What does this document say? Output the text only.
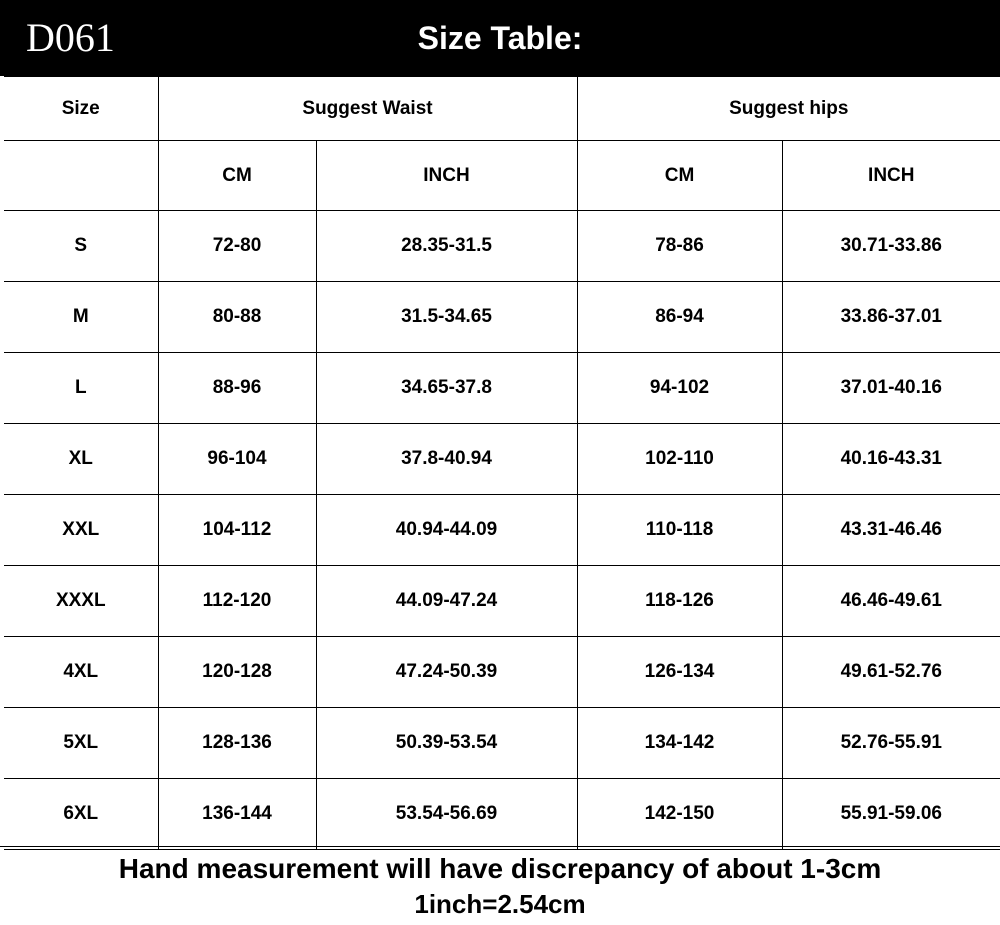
D061	Size Table:
Size	Suggest Waist		Suggest hips	
	CM	INCH	CM	INCH
S	72-80	28.35-31.5	78-86	30.71-33.86
M	80-88	31.5-34.65	86-94	33.86-37.01
L	88-96	34.65-37.8	94-102	37.01-40.16
XL	96-104	37.8-40.94	102-110	40.16-43.31
XXL	104-112	40.94-44.09	110-118	43.31-46.46
XXXL	112-120	44.09-47.24	118-126	46.46-49.61
4XL	120-128	47.24-50.39	126-134	49.61-52.76
5XL	128-136	50.39-53.54	134-142	52.76-55.91
6XL	136-144	53.54-56.69	142-150	55.91-59.06
Hand measurement will have discrepancy of about 1-3cm
1inch=2.54cm
